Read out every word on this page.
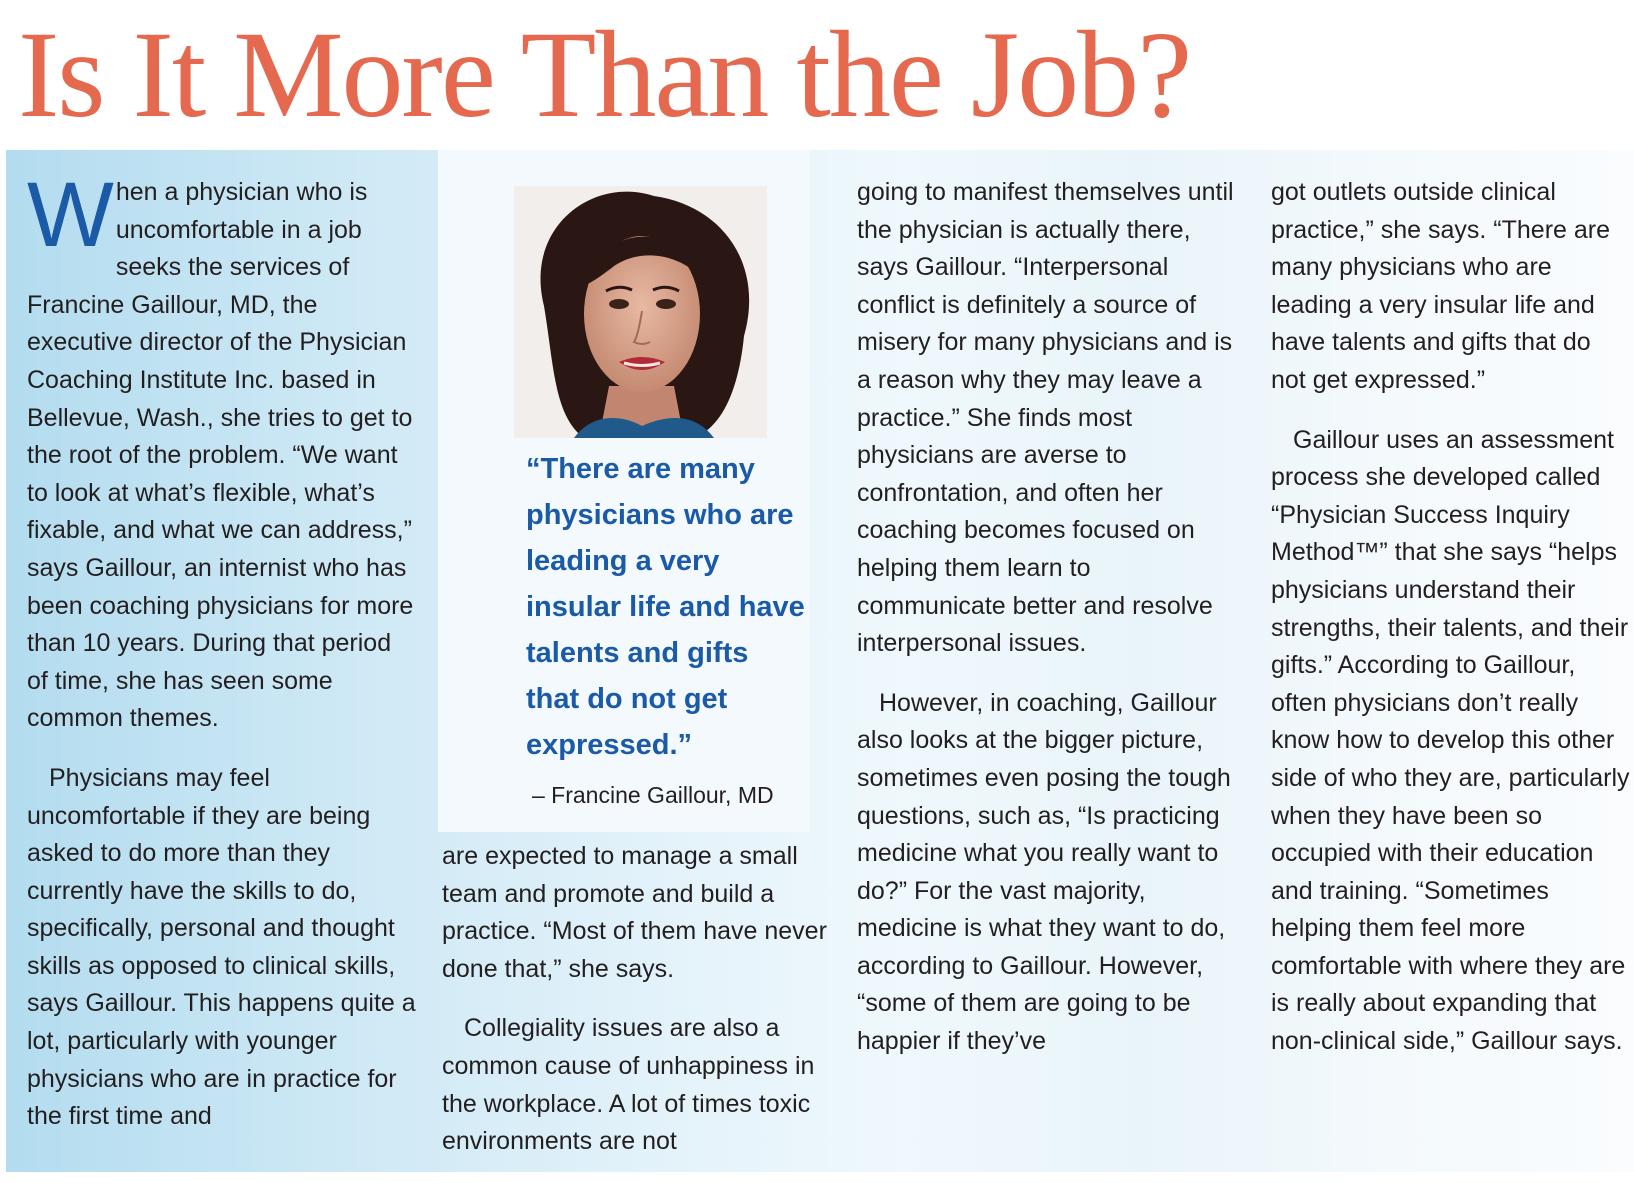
Is It More Than the Job?

“There are many physicians who are leading a very insular life and have talents and gifts that do not get expressed.”

– Francine Gaillour, MD

When a physician who is uncomfortable in a job seeks the services of Francine Gaillour, MD, the executive director of the Physician Coaching Institute Inc. based in Bellevue, Wash., she tries to get to the root of the problem. “We want to look at what’s flexible, what’s fixable, and what we can address,” says Gaillour, an internist who has been coaching physicians for more than 10 years. During that period of time, she has seen some common themes.

Physicians may feel uncomfortable if they are being asked to do more than they currently have the skills to do, specifically, personal and thought skills as opposed to clinical skills, says Gaillour. This happens quite a lot, particularly with younger physicians who are in practice for the first time and

are expected to manage a small team and promote and build a practice. “Most of them have never done that,” she says.

Collegiality issues are also a common cause of unhappiness in the workplace. A lot of times toxic environments are not

going to manifest themselves until the physician is actually there, says Gaillour. “Interpersonal conflict is definitely a source of misery for many physicians and is a reason why they may leave a practice.” She finds most physicians are averse to confrontation, and often her coaching becomes focused on helping them learn to communicate better and resolve interpersonal issues.

However, in coaching, Gaillour also looks at the bigger picture, sometimes even posing the tough questions, such as, “Is practicing medicine what you really want to do?” For the vast majority, medicine is what they want to do, according to Gaillour. However, “some of them are going to be happier if they’ve

got outlets outside clinical practice,” she says. “There are many physicians who are leading a very insular life and have talents and gifts that do not get expressed.”

Gaillour uses an assessment process she developed called “Physician Success Inquiry Method™” that she says “helps physicians understand their strengths, their talents, and their gifts.” According to Gaillour, often physicians don’t really know how to develop this other side of who they are, particularly when they have been so occupied with their education and training. “Sometimes helping them feel more comfortable with where they are is really about expanding that non-clinical side,” Gaillour says.
